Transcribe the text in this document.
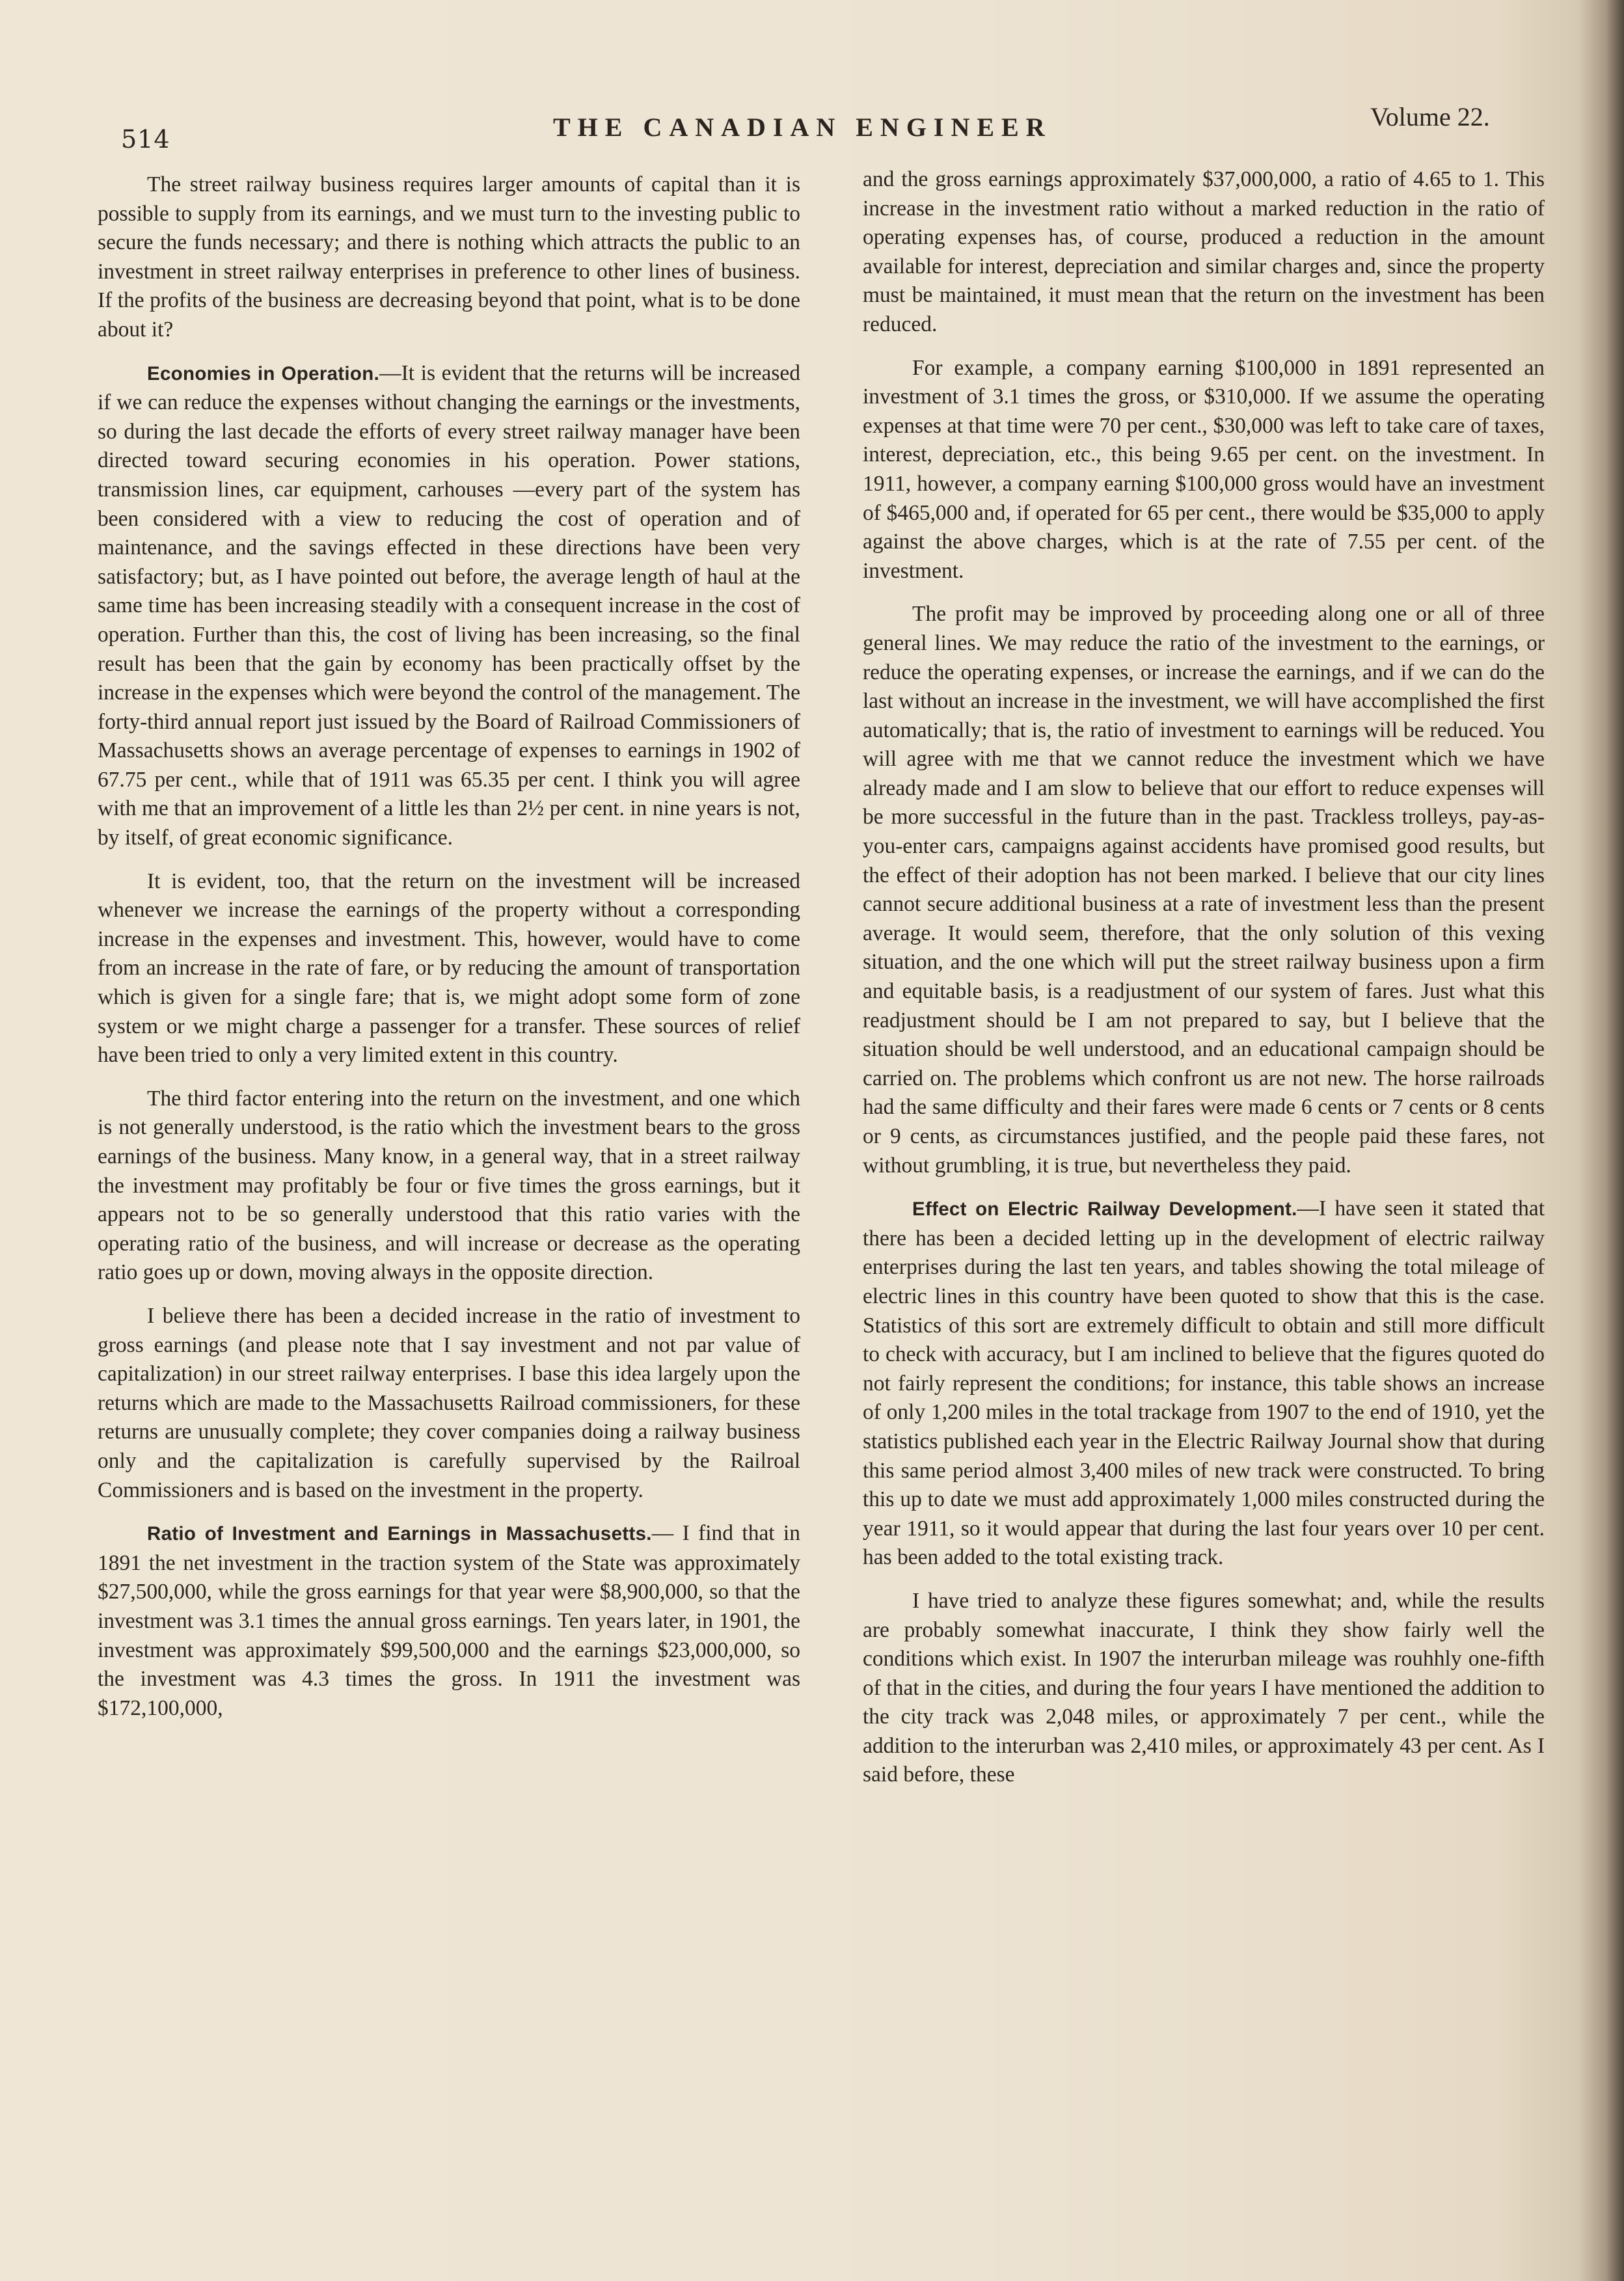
514	THE CANADIAN ENGINEER	Volume 22.

The street railway business requires larger amounts of capital than it is possible to supply from its earnings, and we must turn to the investing public to secure the funds necessary; and there is nothing which attracts the public to an investment in street railway enterprises in preference to other lines of business. If the profits of the business are decreasing beyond that point, what is to be done about it?

Economies in Operation.—It is evident that the returns will be increased if we can reduce the expenses without changing the earnings or the investments, so during the last decade the efforts of every street railway manager have been directed toward securing economies in his operation. Power stations, transmission lines, car equipment, carhouses —every part of the system has been considered with a view to reducing the cost of operation and of maintenance, and the savings effected in these directions have been very satisfactory; but, as I have pointed out before, the average length of haul at the same time has been increasing steadily with a consequent increase in the cost of operation. Further than this, the cost of living has been increasing, so the final result has been that the gain by economy has been practically offset by the increase in the expenses which were beyond the control of the management. The forty-third annual report just issued by the Board of Railroad Commissioners of Massachusetts shows an average percentage of expenses to earnings in 1902 of 67.75 per cent., while that of 1911 was 65.35 per cent. I think you will agree with me that an improvement of a little les than 2½ per cent. in nine years is not, by itself, of great economic significance.

It is evident, too, that the return on the investment will be increased whenever we increase the earnings of the property without a corresponding increase in the expenses and investment. This, however, would have to come from an increase in the rate of fare, or by reducing the amount of transportation which is given for a single fare; that is, we might adopt some form of zone system or we might charge a passenger for a transfer. These sources of relief have been tried to only a very limited extent in this country.

The third factor entering into the return on the investment, and one which is not generally understood, is the ratio which the investment bears to the gross earnings of the business. Many know, in a general way, that in a street railway the investment may profitably be four or five times the gross earnings, but it appears not to be so generally understood that this ratio varies with the operating ratio of the business, and will increase or decrease as the operating ratio goes up or down, moving always in the opposite direction.

I believe there has been a decided increase in the ratio of investment to gross earnings (and please note that I say investment and not par value of capitalization) in our street railway enterprises. I base this idea largely upon the returns which are made to the Massachusetts Railroad commissioners, for these returns are unusually complete; they cover companies doing a railway business only and the capitalization is carefully supervised by the Railroal Commissioners and is based on the investment in the property.

Ratio of Investment and Earnings in Massachusetts.— I find that in 1891 the net investment in the traction system of the State was approximately $27,500,000, while the gross earnings for that year were $8,900,000, so that the investment was 3.1 times the annual gross earnings. Ten years later, in 1901, the investment was approximately $99,500,000 and the earnings $23,000,000, so the investment was 4.3 times the gross. In 1911 the investment was $172,100,000,

and the gross earnings approximately $37,000,000, a ratio of 4.65 to 1. This increase in the investment ratio without a marked reduction in the ratio of operating expenses has, of course, produced a reduction in the amount available for interest, depreciation and similar charges and, since the property must be maintained, it must mean that the return on the investment has been reduced.

For example, a company earning $100,000 in 1891 represented an investment of 3.1 times the gross, or $310,000. If we assume the operating expenses at that time were 70 per cent., $30,000 was left to take care of taxes, interest, depreciation, etc., this being 9.65 per cent. on the investment. In 1911, however, a company earning $100,000 gross would have an investment of $465,000 and, if operated for 65 per cent., there would be $35,000 to apply against the above charges, which is at the rate of 7.55 per cent. of the investment.

The profit may be improved by proceeding along one or all of three general lines. We may reduce the ratio of the investment to the earnings, or reduce the operating expenses, or increase the earnings, and if we can do the last without an increase in the investment, we will have accomplished the first automatically; that is, the ratio of investment to earnings will be reduced. You will agree with me that we cannot reduce the investment which we have already made and I am slow to believe that our effort to reduce expenses will be more successful in the future than in the past. Trackless trolleys, pay-as-you-enter cars, campaigns against accidents have promised good results, but the effect of their adoption has not been marked. I believe that our city lines cannot secure additional business at a rate of investment less than the present average. It would seem, therefore, that the only solution of this vexing situation, and the one which will put the street railway business upon a firm and equitable basis, is a readjustment of our system of fares. Just what this readjustment should be I am not prepared to say, but I believe that the situation should be well understood, and an educational campaign should be carried on. The problems which confront us are not new. The horse railroads had the same difficulty and their fares were made 6 cents or 7 cents or 8 cents or 9 cents, as circumstances justified, and the people paid these fares, not without grumbling, it is true, but nevertheless they paid.

Effect on Electric Railway Development.—I have seen it stated that there has been a decided letting up in the development of electric railway enterprises during the last ten years, and tables showing the total mileage of electric lines in this country have been quoted to show that this is the case. Statistics of this sort are extremely difficult to obtain and still more difficult to check with accuracy, but I am inclined to believe that the figures quoted do not fairly represent the conditions; for instance, this table shows an increase of only 1,200 miles in the total trackage from 1907 to the end of 1910, yet the statistics published each year in the Electric Railway Journal show that during this same period almost 3,400 miles of new track were constructed. To bring this up to date we must add approximately 1,000 miles constructed during the year 1911, so it would appear that during the last four years over 10 per cent. has been added to the total existing track.

I have tried to analyze these figures somewhat; and, while the results are probably somewhat inaccurate, I think they show fairly well the conditions which exist. In 1907 the interurban mileage was rouhhly one-fifth of that in the cities, and during the four years I have mentioned the addition to the city track was 2,048 miles, or approximately 7 per cent., while the addition to the interurban was 2,410 miles, or approximately 43 per cent. As I said before, these
